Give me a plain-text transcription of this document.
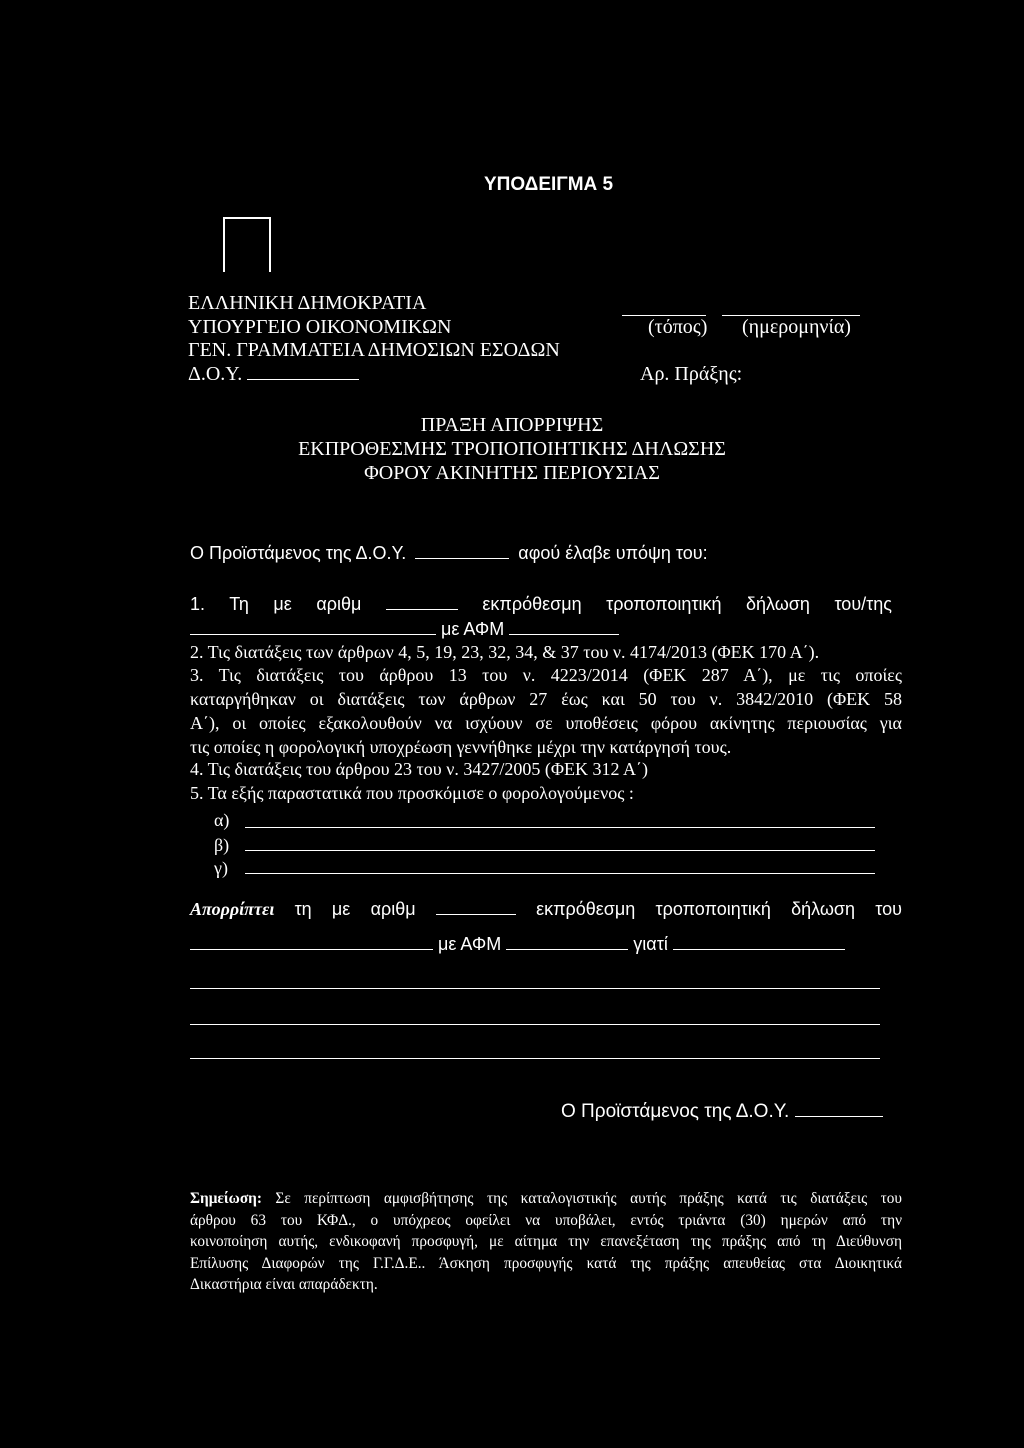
ΥΠΟΔΕΙΓΜΑ 5
ΕΛΛΗΝΙΚΗ ΔΗΜΟΚΡΑΤΙΑ
ΥΠΟΥΡΓΕΙΟ ΟΙΚΟΝΟΜΙΚΩΝ
ΓΕΝ. ΓΡΑΜΜΑΤΕΙΑ ΔΗΜΟΣΙΩΝ ΕΣΟΔΩΝ
Δ.Ο.Υ.
(τόπος) (ημερομηνία)
Αρ. Πράξης:
ΠΡΑΞΗ ΑΠΟΡΡΙΨΗΣ
ΕΚΠΡΟΘΕΣΜΗΣ ΤΡΟΠΟΠΟΙΗΤΙΚΗΣ ΔΗΛΩΣΗΣ
ΦΟΡΟΥ ΑΚΙΝΗΤΗΣ ΠΕΡΙΟΥΣΙΑΣ
Ο Προϊστάμενος της Δ.Ο.Υ.	αφού έλαβε υπόψη του:
1. Τη με αριθμ	εκπρόθεσμη τροποποιητική δήλωση του/της
με ΑΦΜ
2. Τις διατάξεις των άρθρων 4, 5, 19, 23, 32, 34, & 37 του ν. 4174/2013 (ΦΕΚ 170 Α΄).
3. Τις διατάξεις του άρθρου 13 του ν. 4223/2014 (ΦΕΚ 287 Α΄), με τις οποίες
καταργήθηκαν οι διατάξεις των άρθρων 27 έως και 50 του ν. 3842/2010 (ΦΕΚ 58
Α΄), οι οποίες εξακολουθούν να ισχύουν σε υποθέσεις φόρου ακίνητης περιουσίας για
τις οποίες η φορολογική υποχρέωση γεννήθηκε μέχρι την κατάργησή τους.
4. Τις διατάξεις του άρθρου 23 του ν. 3427/2005 (ΦΕΚ 312 Α΄)
5. Τα εξής παραστατικά που προσκόμισε ο φορολογούμενος :
α)
β)
γ)
Απορρίπτει τη με αριθμ	εκπρόθεσμη τροποποιητική δήλωση του
με ΑΦΜ	γιατί
Ο Προϊστάμενος της Δ.Ο.Υ.
Σημείωση: Σε περίπτωση αμφισβήτησης της καταλογιστικής αυτής πράξης κατά τις διατάξεις του
άρθρου 63 του ΚΦΔ., ο υπόχρεος οφείλει να υποβάλει, εντός τριάντα (30) ημερών από την
κοινοποίηση αυτής, ενδικοφανή προσφυγή, με αίτημα την επανεξέταση της πράξης από τη Διεύθυνση
Επίλυσης Διαφορών της Γ.Γ.Δ.Ε.. Άσκηση προσφυγής κατά της πράξης απευθείας στα Διοικητικά
Δικαστήρια είναι απαράδεκτη.
